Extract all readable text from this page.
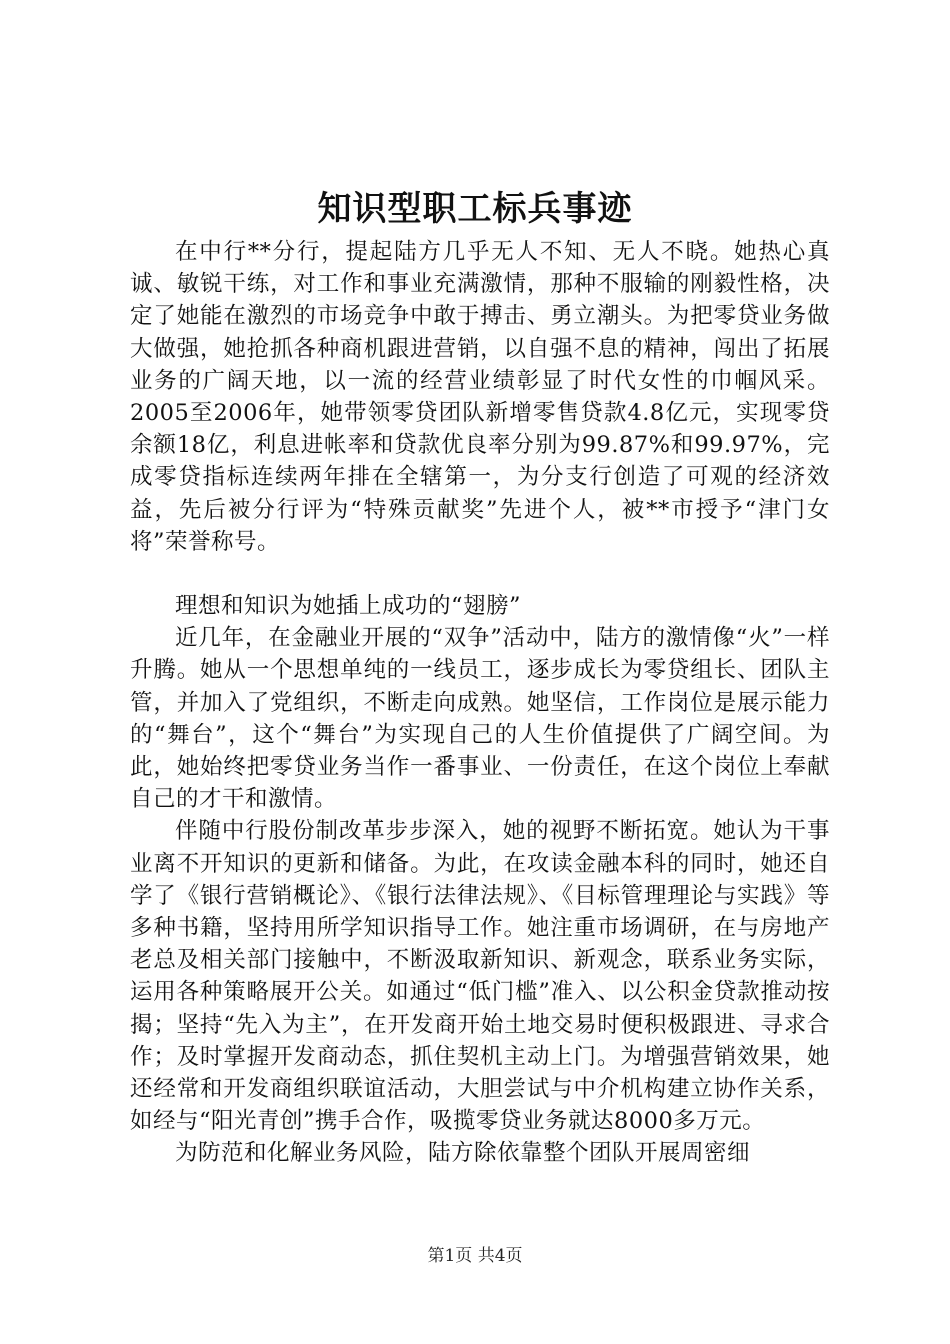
知识型职工标兵事迹

在中行**分行，提起陆方几乎无人不知、无人不晓。她热心真诚、敏锐干练，对工作和事业充满激情，那种不服输的刚毅性格，决定了她能在激烈的市场竞争中敢于搏击、勇立潮头。为把零贷业务做大做强，她抢抓各种商机跟进营销，以自强不息的精神，闯出了拓展业务的广阔天地，以一流的经营业绩彰显了时代女性的巾帼风采。2005至2006年，她带领零贷团队新增零售贷款4.8亿元，实现零贷余额18亿，利息进帐率和贷款优良率分别为99.87%和99.97%，完成零贷指标连续两年排在全辖第一，为分支行创造了可观的经济效益，先后被分行评为“特殊贡献奖”先进个人，被**市授予“津门女将”荣誉称号。

理想和知识为她插上成功的“翅膀”

近几年，在金融业开展的“双争”活动中，陆方的激情像“火”一样升腾。她从一个思想单纯的一线员工，逐步成长为零贷组长、团队主管，并加入了党组织，不断走向成熟。她坚信，工作岗位是展示能力的“舞台”，这个“舞台”为实现自己的人生价值提供了广阔空间。为此，她始终把零贷业务当作一番事业、一份责任，在这个岗位上奉献自己的才干和激情。

伴随中行股份制改革步步深入，她的视野不断拓宽。她认为干事业离不开知识的更新和储备。为此，在攻读金融本科的同时，她还自学了《银行营销概论》、《银行法律法规》、《目标管理理论与实践》等多种书籍，坚持用所学知识指导工作。她注重市场调研，在与房地产老总及相关部门接触中，不断汲取新知识、新观念，联系业务实际，运用各种策略展开公关。如通过“低门槛”准入、以公积金贷款推动按揭；坚持“先入为主”，在开发商开始土地交易时便积极跟进、寻求合作；及时掌握开发商动态，抓住契机主动上门。为增强营销效果，她还经常和开发商组织联谊活动，大胆尝试与中介机构建立协作关系，如经与“阳光青创”携手合作，吸揽零贷业务就达8000多万元。

为防范和化解业务风险，陆方除依靠整个团队开展周密细

第1页 共4页
